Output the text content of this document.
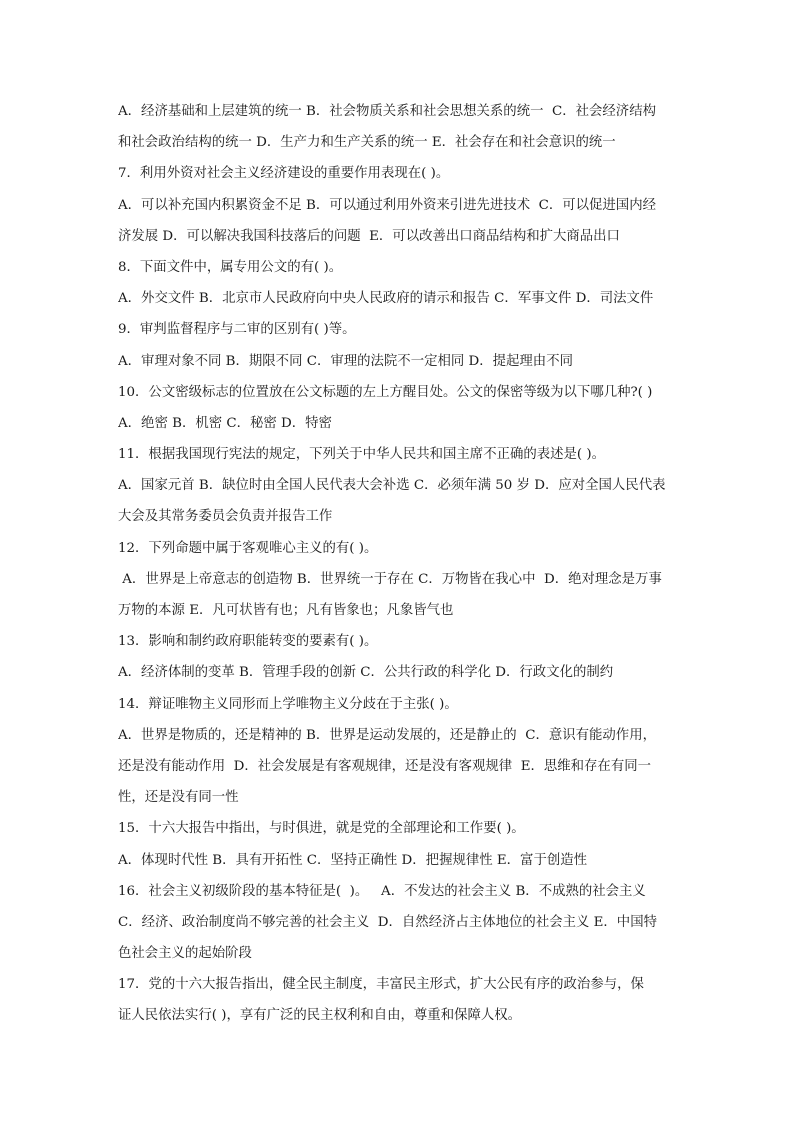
A．经济基础和上层建筑的统一 B．社会物质关系和社会思想关系的统一  C．社会经济结构
和社会政治结构的统一 D．生产力和生产关系的统一 E．社会存在和社会意识的统一
7．利用外资对社会主义经济建设的重要作用表现在( )。
A．可以补充国内积累资金不足 B．可以通过利用外资来引进先进技术  C．可以促进国内经
济发展 D．可以解决我国科技落后的问题  E．可以改善出口商品结构和扩大商品出口
8．下面文件中，属专用公文的有( )。
A．外交文件 B．北京市人民政府向中央人民政府的请示和报告 C．军事文件 D．司法文件
9．审判监督程序与二审的区别有( )等。
A．审理对象不同 B．期限不同 C．审理的法院不一定相同 D．提起理由不同
10．公文密级标志的位置放在公文标题的左上方醒目处。公文的保密等级为以下哪几种?( )
A．绝密 B．机密 C．秘密 D．特密
11．根据我国现行宪法的规定，下列关于中华人民共和国主席不正确的表述是( )。
A．国家元首 B．缺位时由全国人民代表大会补选 C．必须年满 50 岁 D．应对全国人民代表
大会及其常务委员会负责并报告工作
12．下列命题中属于客观唯心主义的有( )。
A．世界是上帝意志的创造物 B．世界统一于存在 C．万物皆在我心中  D．绝对理念是万事
万物的本源 E．凡可状皆有也；凡有皆象也；凡象皆气也
13．影响和制约政府职能转变的要素有( )。
A．经济体制的变革 B．管理手段的创新 C．公共行政的科学化 D．行政文化的制约
14．辩证唯物主义同形而上学唯物主义分歧在于主张( )。
A．世界是物质的，还是精神的 B．世界是运动发展的，还是静止的  C．意识有能动作用，
还是没有能动作用  D．社会发展是有客观规律，还是没有客观规律  E．思维和存在有同一
性，还是没有同一性
15．十六大报告中指出，与时俱进，就是党的全部理论和工作要( )。
A．体现时代性 B．具有开拓性 C．坚持正确性 D．把握规律性 E．富于创造性
16．社会主义初级阶段的基本特征是(  )。   A．不发达的社会主义 B．不成熟的社会主义
C．经济、政治制度尚不够完善的社会主义  D．自然经济占主体地位的社会主义 E．中国特
色社会主义的起始阶段
17．党的十六大报告指出，健全民主制度，丰富民主形式，扩大公民有序的政治参与，保
证人民依法实行( )，享有广泛的民主权利和自由，尊重和保障人权。
